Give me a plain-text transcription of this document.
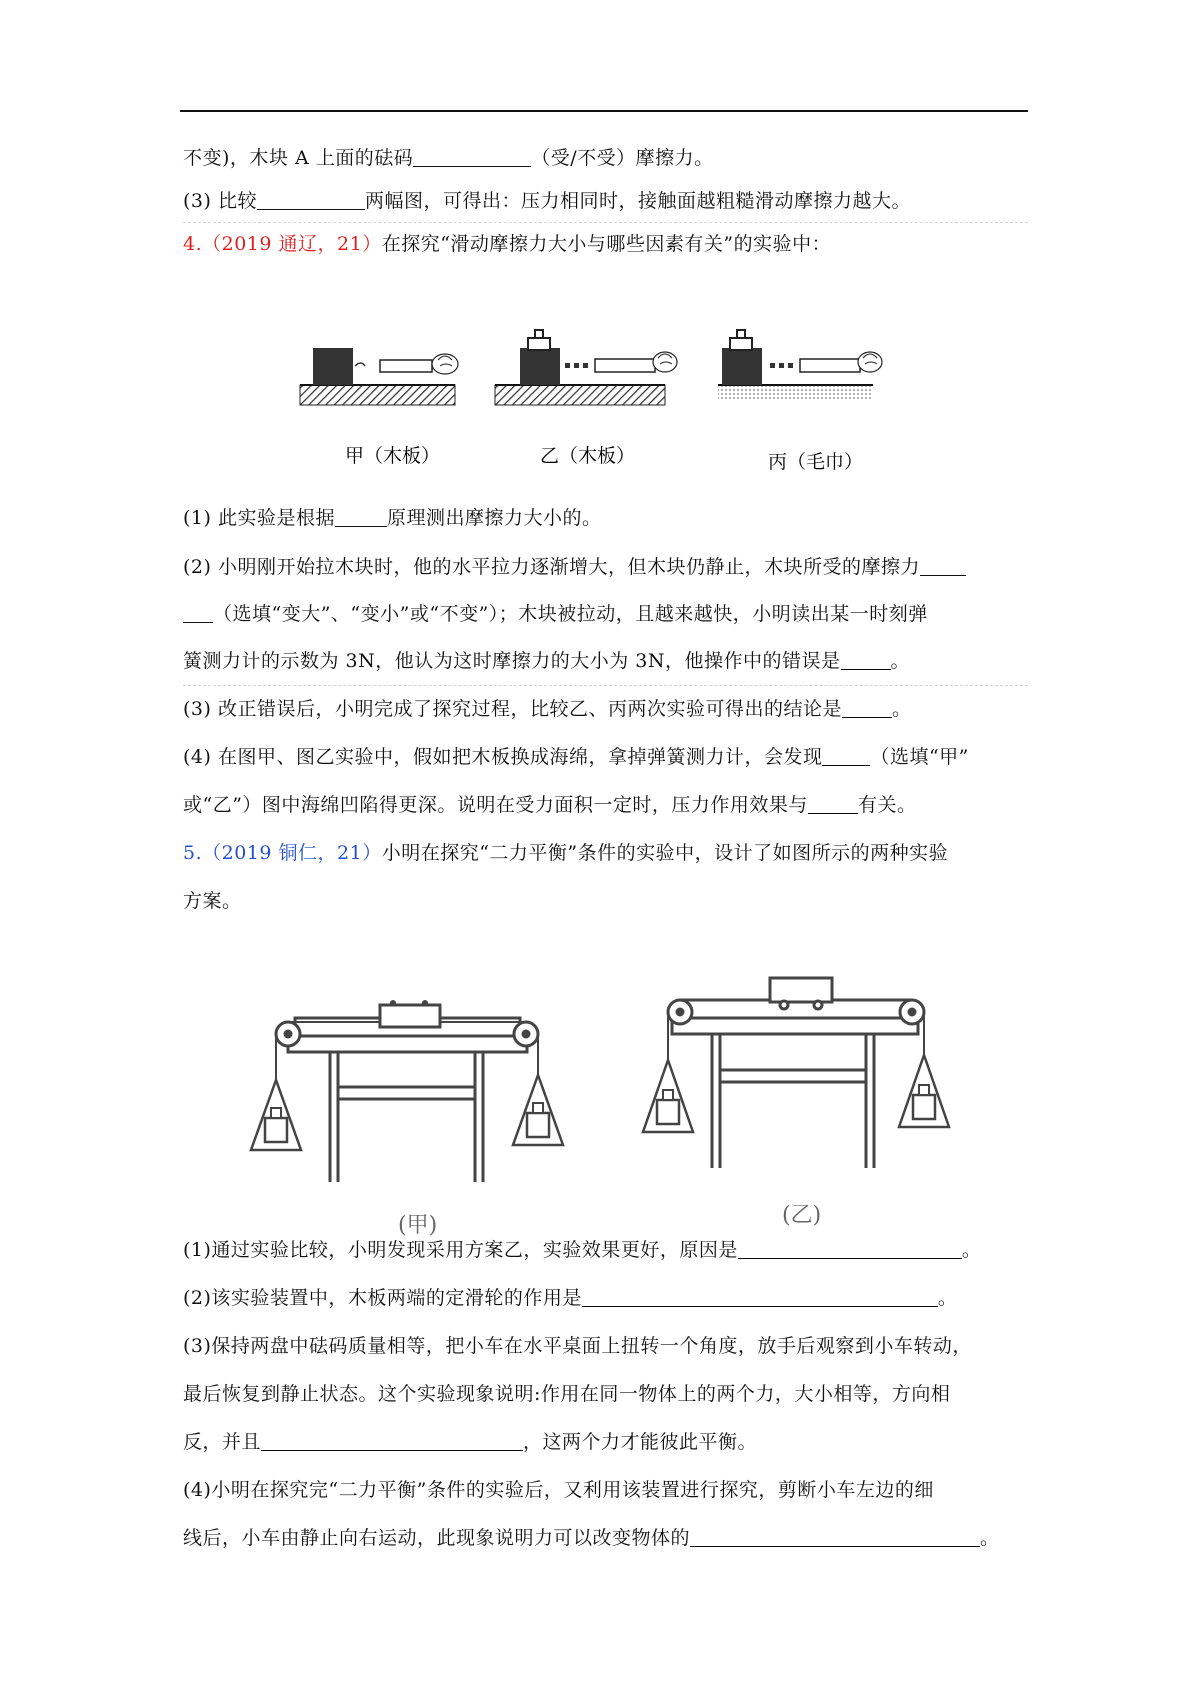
不变)，木块 A 上面的砝码	（受/不受）摩擦力。
(3) 比较	两幅图，可得出：压力相同时，接触面越粗糙滑动摩擦力越大。
4.（2019 通辽，21）在探究“滑动摩擦力大小与哪些因素有关”的实验中：
甲（木板）	乙（木板）	丙（毛巾）
(1) 此实验是根据	原理测出摩擦力大小的。
(2) 小明刚开始拉木块时，他的水平拉力逐渐增大，但木块仍静止，木块所受的摩擦力
（选填“变大”、“变小”或“不变”）；木块被拉动，且越来越快，小明读出某一时刻弹
簧测力计的示数为 3N，他认为这时摩擦力的大小为 3N，他操作中的错误是	。
(3) 改正错误后，小明完成了探究过程，比较乙、丙两次实验可得出的结论是	。
(4) 在图甲、图乙实验中，假如把木板换成海绵，拿掉弹簧测力计，会发现	（选填“甲”
或“乙”）图中海绵凹陷得更深。说明在受力面积一定时，压力作用效果与	有关。
5.（2019 铜仁，21）小明在探究“二力平衡”条件的实验中，设计了如图所示的两种实验
方案。
(甲)	(乙)
(1)通过实验比较，小明发现采用方案乙，实验效果更好，原因是	。
(2)该实验装置中，木板两端的定滑轮的作用是	。
(3)保持两盘中砝码质量相等，把小车在水平桌面上扭转一个角度，放手后观察到小车转动，
最后恢复到静止状态。这个实验现象说明:作用在同一物体上的两个力，大小相等，方向相
反，并且	，这两个力才能彼此平衡。
(4)小明在探究完“二力平衡”条件的实验后，又利用该装置进行探究，剪断小车左边的细
线后，小车由静止向右运动，此现象说明力可以改变物体的	。
